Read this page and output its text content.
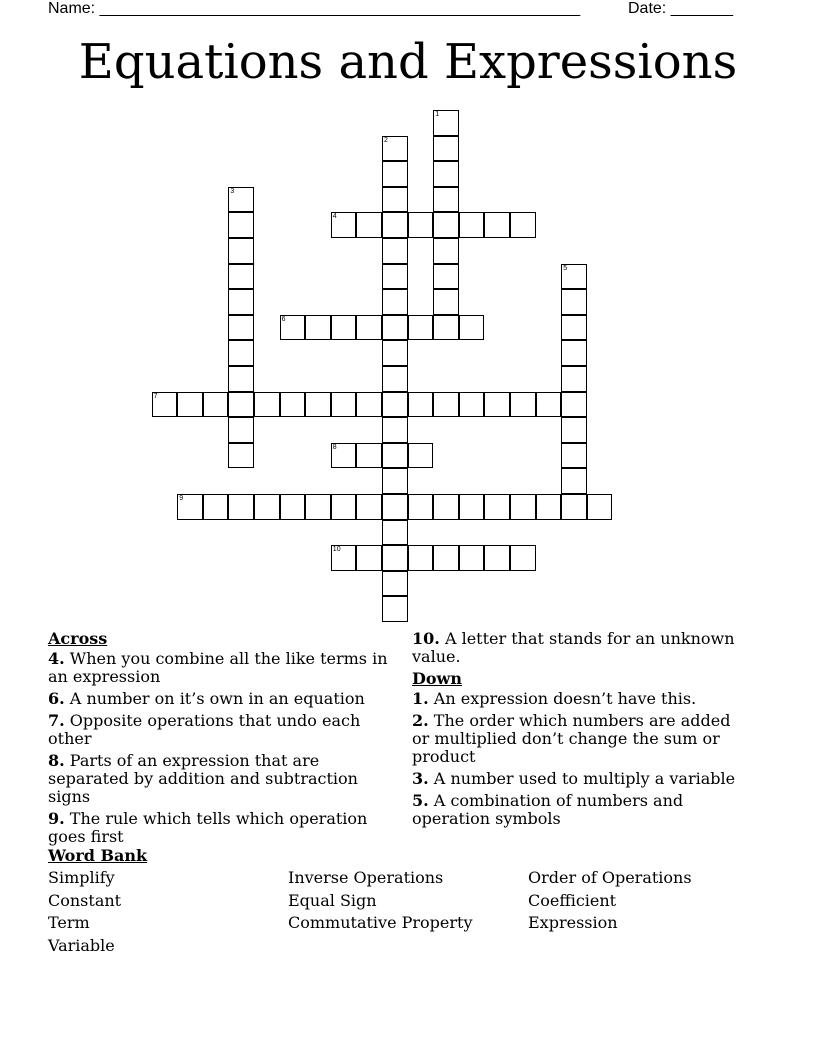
Name: ______________________________________________________	Date: _______
Equations and Expressions
1
2
3
4
5
6
7
8
9
10
Across
4. When you combine all the like terms in an expression
6. A number on it’s own in an equation
7. Opposite operations that undo each other
8. Parts of an expression that are separated by addition and subtraction signs
9. The rule which tells which operation goes first
10. A letter that stands for an unknown value.
Down
1. An expression doesn’t have this.
2. The order which numbers are added or multiplied don’t change the sum or product
3. A number used to multiply a variable
5. A combination of numbers and operation symbols
Word Bank
Simplify
Constant
Term
Variable
Inverse Operations
Equal Sign
Commutative Property
Order of Operations
Coefficient
Expression
